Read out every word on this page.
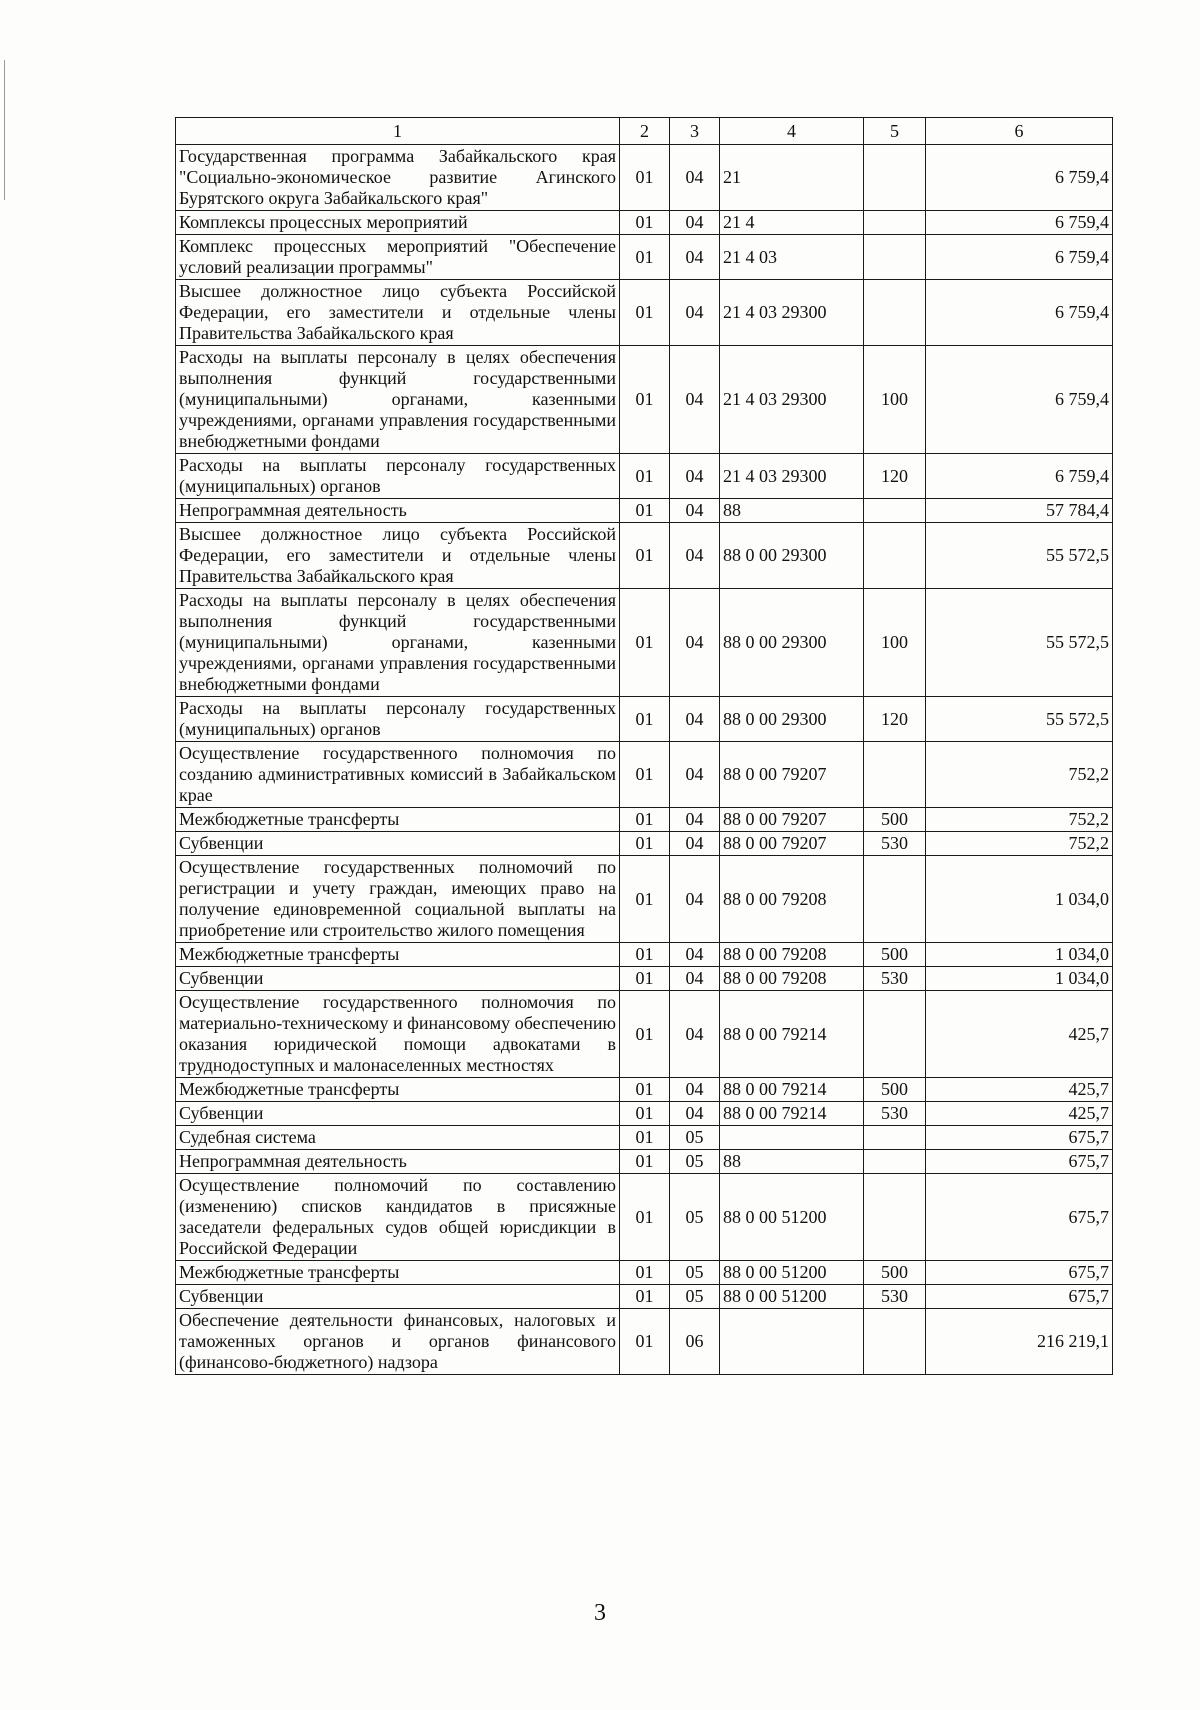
1	2	3	4	5	6
Государственная программа Забайкальского края "Социально-экономическое развитие Агинского Бурятского округа Забайкальского края"	01	04	21		6 759,4
Комплексы процессных мероприятий	01	04	21 4		6 759,4
Комплекс процессных мероприятий "Обеспечение условий реализации программы"	01	04	21 4 03		6 759,4
Высшее должностное лицо субъекта Российской Федерации, его заместители и отдельные члены Правительства Забайкальского края	01	04	21 4 03 29300		6 759,4
Расходы на выплаты персоналу в целях обеспечения выполнения функций государственными (муниципальными) органами, казенными учреждениями, органами управления государственными внебюджетными фондами	01	04	21 4 03 29300	100	6 759,4
Расходы на выплаты персоналу государственных (муниципальных) органов	01	04	21 4 03 29300	120	6 759,4
Непрограммная деятельность	01	04	88		57 784,4
Высшее должностное лицо субъекта Российской Федерации, его заместители и отдельные члены Правительства Забайкальского края	01	04	88 0 00 29300		55 572,5
Расходы на выплаты персоналу в целях обеспечения выполнения функций государственными (муниципальными) органами, казенными учреждениями, органами управления государственными внебюджетными фондами	01	04	88 0 00 29300	100	55 572,5
Расходы на выплаты персоналу государственных (муниципальных) органов	01	04	88 0 00 29300	120	55 572,5
Осуществление государственного полномочия по созданию административных комиссий в Забайкальском крае	01	04	88 0 00 79207		752,2
Межбюджетные трансферты	01	04	88 0 00 79207	500	752,2
Субвенции	01	04	88 0 00 79207	530	752,2
Осуществление государственных полномочий по регистрации и учету граждан, имеющих право на получение единовременной социальной выплаты на приобретение или строительство жилого помещения	01	04	88 0 00 79208		1 034,0
Межбюджетные трансферты	01	04	88 0 00 79208	500	1 034,0
Субвенции	01	04	88 0 00 79208	530	1 034,0
Осуществление государственного полномочия по материально-техническому и финансовому обеспечению оказания юридической помощи адвокатами в труднодоступных и малонаселенных местностях	01	04	88 0 00 79214		425,7
Межбюджетные трансферты	01	04	88 0 00 79214	500	425,7
Субвенции	01	04	88 0 00 79214	530	425,7
Судебная система	01	05			675,7
Непрограммная деятельность	01	05	88		675,7
Осуществление полномочий по составлению (изменению) списков кандидатов в присяжные заседатели федеральных судов общей юрисдикции в Российской Федерации	01	05	88 0 00 51200		675,7
Межбюджетные трансферты	01	05	88 0 00 51200	500	675,7
Субвенции	01	05	88 0 00 51200	530	675,7
Обеспечение деятельности финансовых, налоговых и таможенных органов и органов финансового (финансово-бюджетного) надзора	01	06			216 219,1
3
